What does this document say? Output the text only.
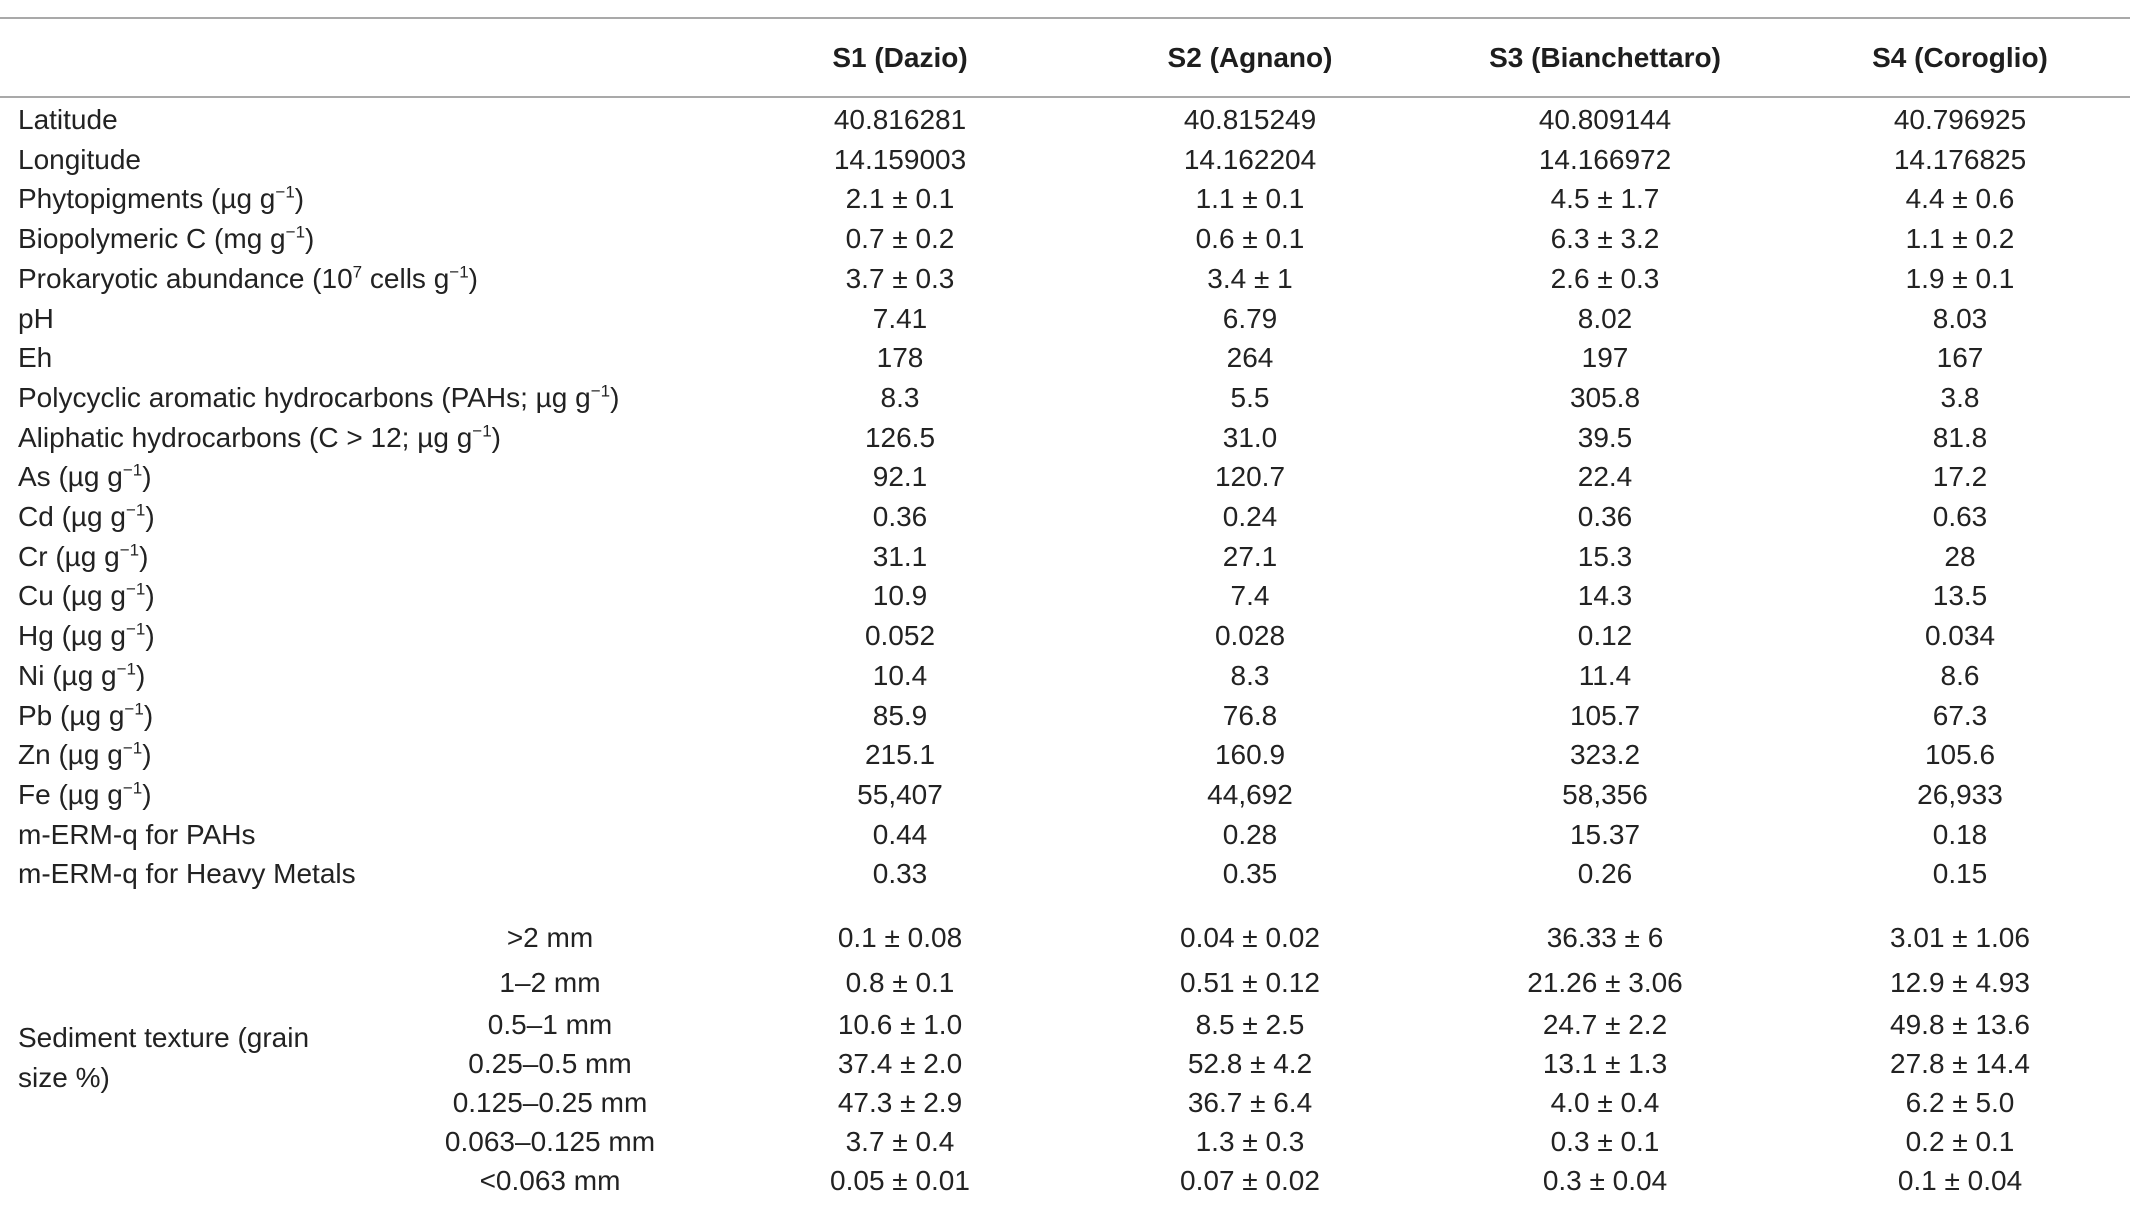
S1 (Dazio)	S2 (Agnano)	S3 (Bianchettaro)	S4 (Coroglio)
Latitude	40.816281	40.815249	40.809144	40.796925
Longitude	14.159003	14.162204	14.166972	14.176825
Phytopigments (µg $g^{-1}$)	2.1 ± 0.1	1.1 ± 0.1	4.5 ± 1.7	4.4 ± 0.6
Biopolymeric C (mg $g^{-1}$)	0.7 ± 0.2	0.6 ± 0.1	6.3 ± 3.2	1.1 ± 0.2
Prokaryotic abundance ($10^7$ cells $g^{-1}$)	3.7 ± 0.3	3.4 ± 1	2.6 ± 0.3	1.9 ± 0.1
pH	7.41	6.79	8.02	8.03
Eh	178	264	197	167
Polycyclic aromatic hydrocarbons (PAHs; µg $g^{-1}$)	8.3	5.5	305.8	3.8
Aliphatic hydrocarbons (C > 12; µg $g^{-1}$)	126.5	31.0	39.5	81.8
As (µg $g^{-1}$)	92.1	120.7	22.4	17.2
Cd (µg $g^{-1}$)	0.36	0.24	0.36	0.63
Cr (µg $g^{-1}$)	31.1	27.1	15.3	28
Cu (µg $g^{-1}$)	10.9	7.4	14.3	13.5
Hg (µg $g^{-1}$)	0.052	0.028	0.12	0.034
Ni (µg $g^{-1}$)	10.4	8.3	11.4	8.6
Pb (µg $g^{-1}$)	85.9	76.8	105.7	67.3
Zn (µg $g^{-1}$)	215.1	160.9	323.2	105.6
Fe (µg $g^{-1}$)	55,407	44,692	58,356	26,933
m-ERM-q for PAHs	0.44	0.28	15.37	0.18
m-ERM-q for Heavy Metals	0.33	0.35	0.26	0.15
Sediment texture (grain size %)
>2 mm	0.1 ± 0.08	0.04 ± 0.02	36.33 ± 6	3.01 ± 1.06
1–2 mm	0.8 ± 0.1	0.51 ± 0.12	21.26 ± 3.06	12.9 ± 4.93
0.5–1 mm	10.6 ± 1.0	8.5 ± 2.5	24.7 ± 2.2	49.8 ± 13.6
0.25–0.5 mm	37.4 ± 2.0	52.8 ± 4.2	13.1 ± 1.3	27.8 ± 14.4
0.125–0.25 mm	47.3 ± 2.9	36.7 ± 6.4	4.0 ± 0.4	6.2 ± 5.0
0.063–0.125 mm	3.7 ± 0.4	1.3 ± 0.3	0.3 ± 0.1	0.2 ± 0.1
<0.063 mm	0.05 ± 0.01	0.07 ± 0.02	0.3 ± 0.04	0.1 ± 0.04
